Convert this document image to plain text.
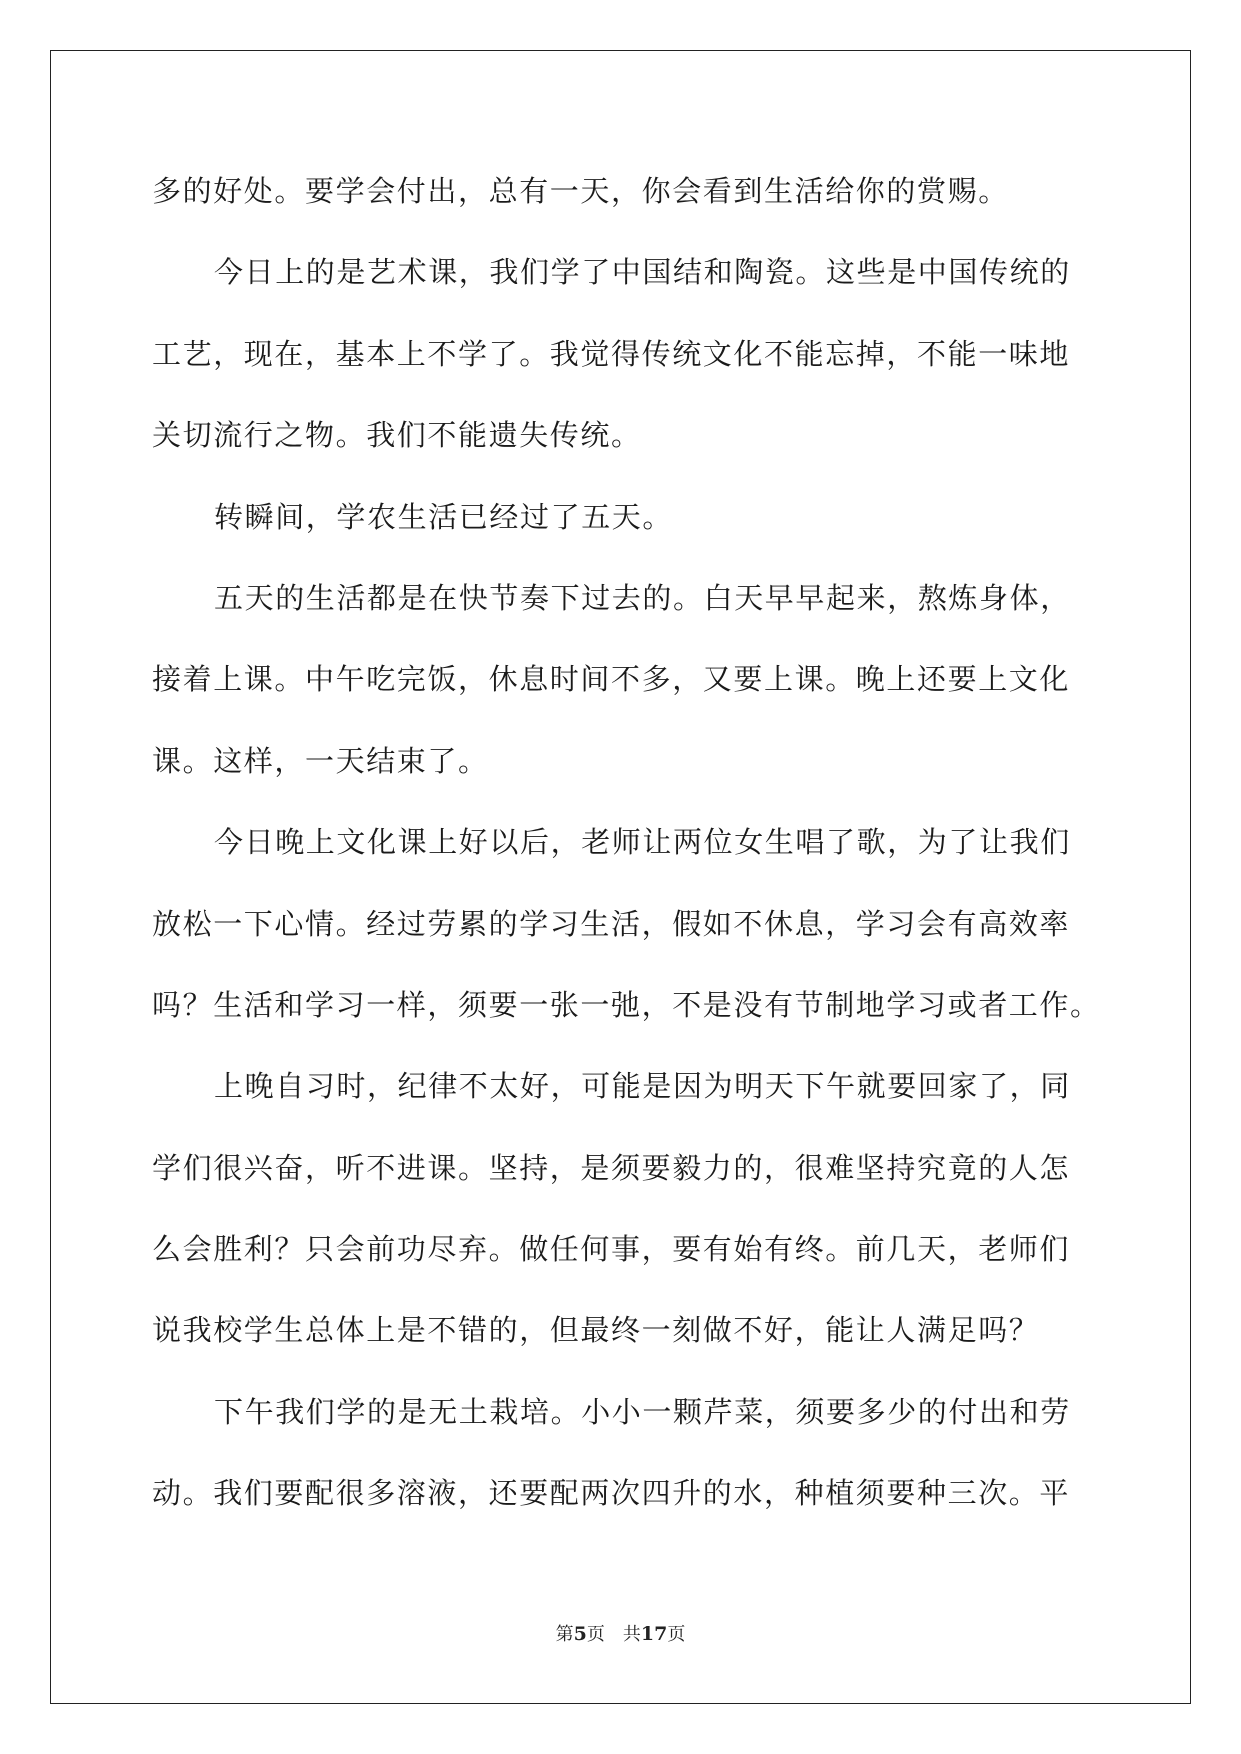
多的好处。要学会付出，总有一天，你会看到生活给你的赏赐。
今日上的是艺术课，我们学了中国结和陶瓷。这些是中国传统的
工艺，现在，基本上不学了。我觉得传统文化不能忘掉，不能一味地
关切流行之物。我们不能遗失传统。
转瞬间，学农生活已经过了五天。
五天的生活都是在快节奏下过去的。白天早早起来，熬炼身体，
接着上课。中午吃完饭，休息时间不多，又要上课。晚上还要上文化
课。这样，一天结束了。
今日晚上文化课上好以后，老师让两位女生唱了歌，为了让我们
放松一下心情。经过劳累的学习生活，假如不休息，学习会有高效率
吗？生活和学习一样，须要一张一弛，不是没有节制地学习或者工作。
上晚自习时，纪律不太好，可能是因为明天下午就要回家了，同
学们很兴奋，听不进课。坚持，是须要毅力的，很难坚持究竟的人怎
么会胜利？只会前功尽弃。做任何事，要有始有终。前几天，老师们
说我校学生总体上是不错的，但最终一刻做不好，能让人满足吗？
下午我们学的是无土栽培。小小一颗芹菜，须要多少的付出和劳
动。我们要配很多溶液，还要配两次四升的水，种植须要种三次。平
第5页 共17页
